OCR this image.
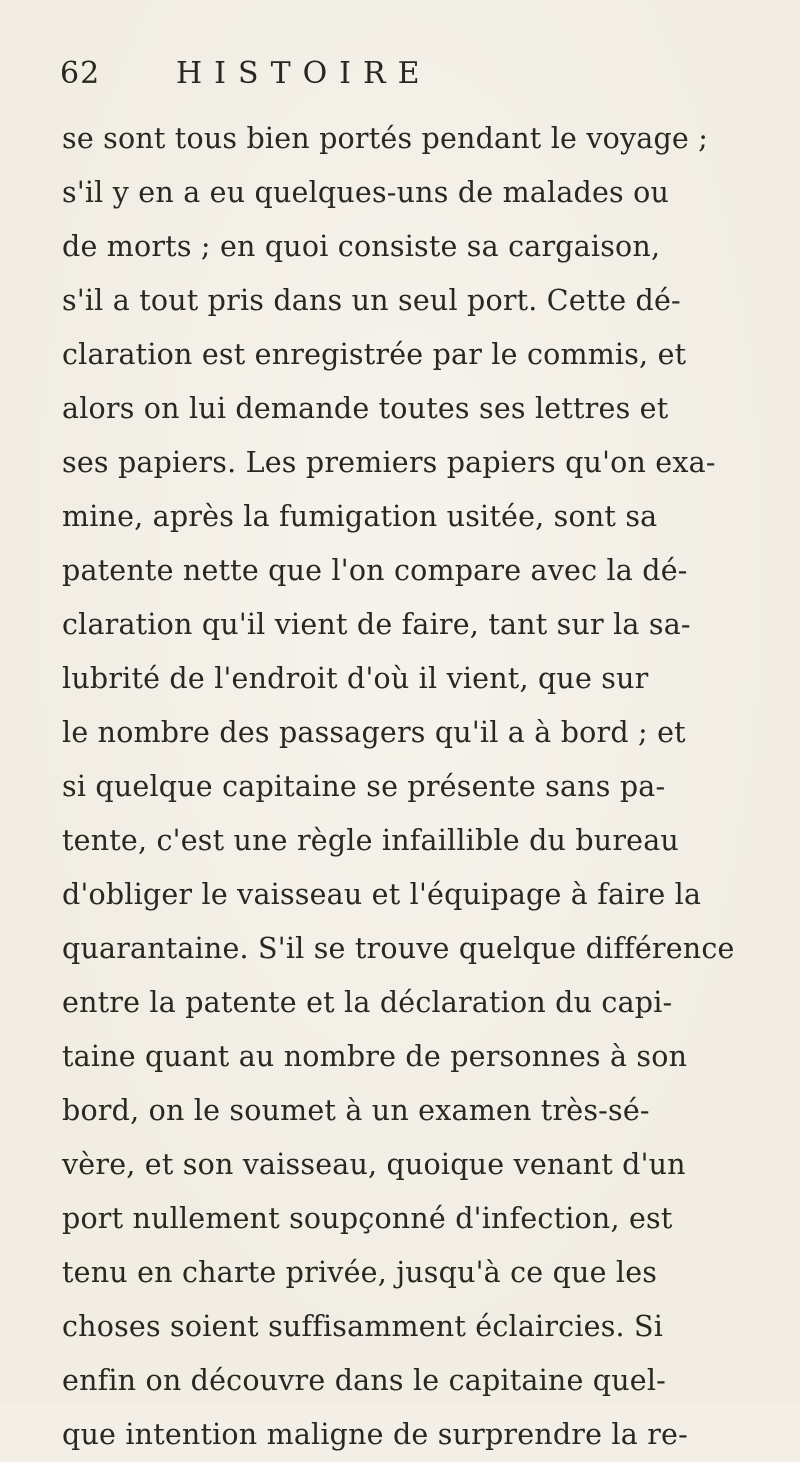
62	HISTOIRE
se sont tous bien portés pendant le voyage ;
s'il y en a eu quelques-uns de malades ou
de morts ; en quoi consiste sa cargaison,
s'il a tout pris dans un seul port. Cette dé-
claration est enregistrée par le commis, et
alors on lui demande toutes ses lettres et
ses papiers. Les premiers papiers qu'on exa-
mine, après la fumigation usitée, sont sa
patente nette que l'on compare avec la dé-
claration qu'il vient de faire, tant sur la sa-
lubrité de l'endroit d'où il vient, que sur
le nombre des passagers qu'il a à bord ; et
si quelque capitaine se présente sans pa-
tente, c'est une règle infaillible du bureau
d'obliger le vaisseau et l'équipage à faire la
quarantaine. S'il se trouve quelque différence
entre la patente et la déclaration du capi-
taine quant au nombre de personnes à son
bord, on le soumet à un examen très-sé-
vère, et son vaisseau, quoique venant d'un
port nullement soupçonné d'infection, est
tenu en charte privée, jusqu'à ce que les
choses soient suffisamment éclaircies. Si
enfin on découvre dans le capitaine quel-
que intention maligne de surprendre la re-
